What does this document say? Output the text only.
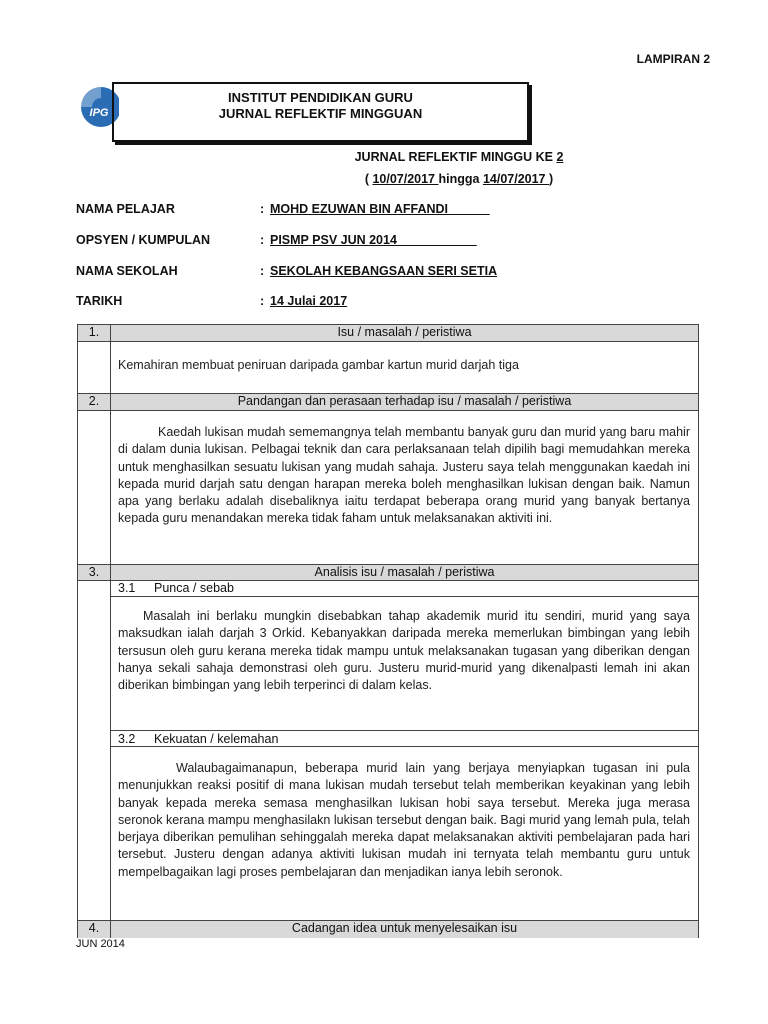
LAMPIRAN 2
IPG
INSTITUT PENDIDIKAN GURU
JURNAL REFLEKTIF MINGGUAN
JURNAL REFLEKTIF MINGGU KE 2
( 10/07/2017 hingga 14/07/2017 )
NAMA PELAJAR	: MOHD EZUWAN BIN AFFANDI
OPSYEN / KUMPULAN	: PISMP PSV JUN 2014
NAMA SEKOLAH	: SEKOLAH KEBANGSAAN SERI SETIA
TARIKH	: 14 Julai 2017
1.	Isu / masalah / peristiwa

Kemahiran membuat peniruan daripada gambar kartun murid darjah tiga

2.	Pandangan dan perasaan terhadap isu / masalah / peristiwa

Kaedah lukisan mudah sememangnya telah membantu banyak guru dan murid yang baru mahir di dalam dunia lukisan. Pelbagai teknik dan cara perlaksanaan telah dipilih bagi memudahkan mereka untuk menghasilkan sesuatu lukisan yang mudah sahaja. Justeru saya telah menggunakan kaedah ini kepada murid darjah satu dengan harapan mereka boleh menghasilkan lukisan dengan baik. Namun apa yang berlaku adalah disebaliknya iaitu terdapat beberapa orang murid yang banyak bertanya kepada guru menandakan mereka tidak faham untuk melaksanakan aktiviti ini.

3.	Analisis isu / masalah / peristiwa
3.1 Punca / sebab

Masalah ini berlaku mungkin disebabkan tahap akademik murid itu sendiri, murid yang saya maksudkan ialah darjah 3 Orkid. Kebanyakkan daripada mereka memerlukan bimbingan yang lebih tersusun oleh guru kerana mereka tidak mampu untuk melaksanakan tugasan yang diberikan dengan hanya sekali sahaja demonstrasi oleh guru. Justeru murid-murid yang dikenalpasti lemah ini akan diberikan bimbingan yang lebih terperinci di dalam kelas.

3.2 Kekuatan / kelemahan

Walaubagaimanapun, beberapa murid lain yang berjaya menyiapkan tugasan ini pula menunjukkan reaksi positif di mana lukisan mudah tersebut telah memberikan keyakinan yang lebih banyak kepada mereka semasa menghasilkan lukisan hobi saya tersebut. Mereka juga merasa seronok kerana mampu menghasilakn lukisan tersebut dengan baik. Bagi murid yang lemah pula, telah berjaya diberikan pemulihan sehinggalah mereka dapat melaksanakan aktiviti pembelajaran pada hari tersebut. Justeru dengan adanya aktiviti lukisan mudah ini ternyata telah membantu guru untuk mempelbagaikan lagi proses pembelajaran dan menjadikan ianya lebih seronok.

4.	Cadangan idea untuk menyelesaikan isu
JUN 2014
